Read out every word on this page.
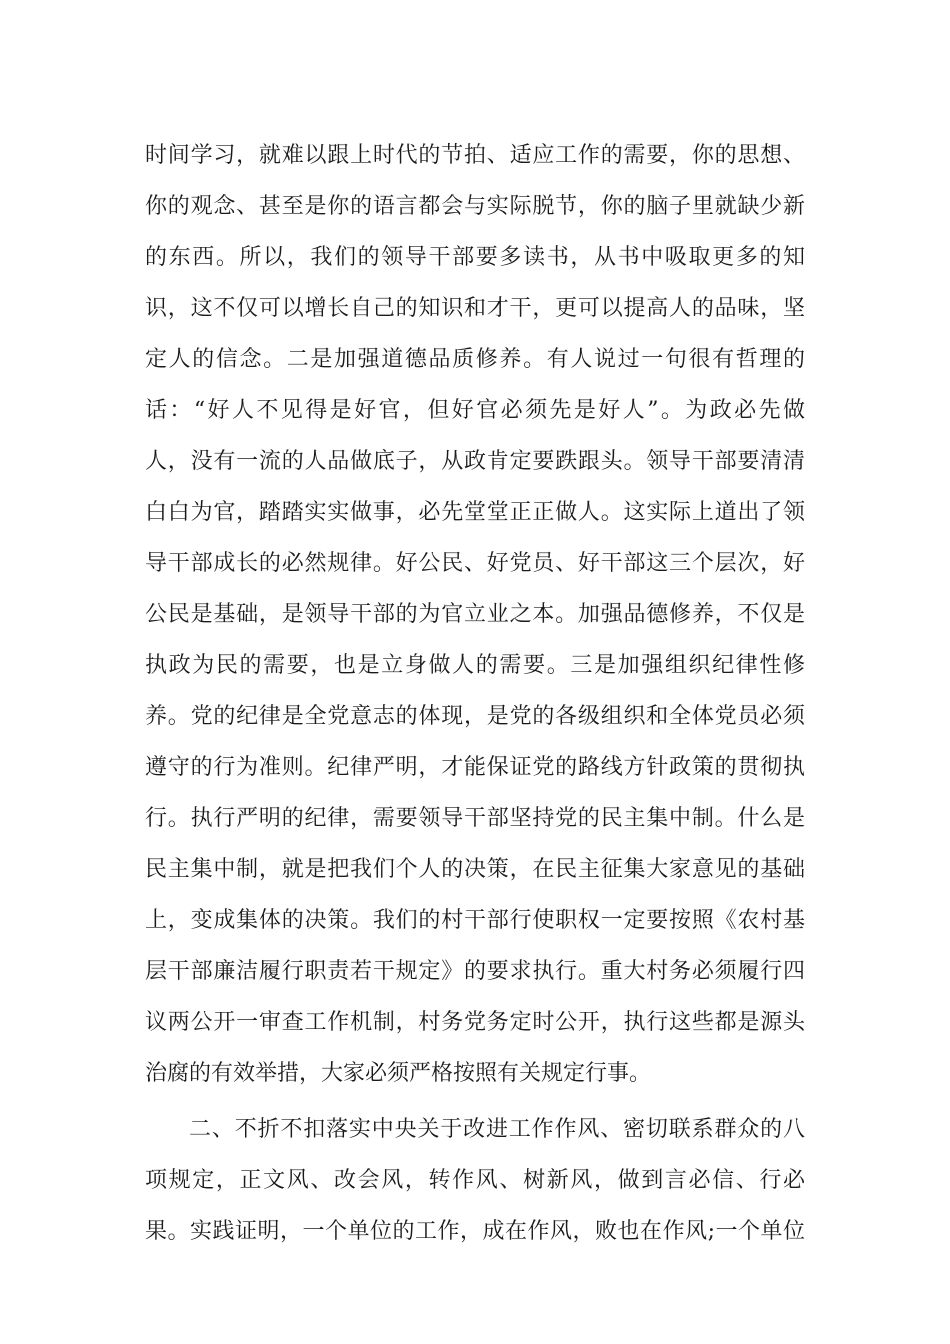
时间学习，就难以跟上时代的节拍、适应工作的需要，你的思想、
你的观念、甚至是你的语言都会与实际脱节，你的脑子里就缺少新
的东西。所以，我们的领导干部要多读书，从书中吸取更多的知
识，这不仅可以增长自己的知识和才干，更可以提高人的品味，坚
定人的信念。二是加强道德品质修养。有人说过一句很有哲理的
话：“好人不见得是好官，但好官必须先是好人”。为政必先做
人，没有一流的人品做底子，从政肯定要跌跟头。领导干部要清清
白白为官，踏踏实实做事，必先堂堂正正做人。这实际上道出了领
导干部成长的必然规律。好公民、好党员、好干部这三个层次，好
公民是基础，是领导干部的为官立业之本。加强品德修养，不仅是
执政为民的需要，也是立身做人的需要。三是加强组织纪律性修
养。党的纪律是全党意志的体现，是党的各级组织和全体党员必须
遵守的行为准则。纪律严明，才能保证党的路线方针政策的贯彻执
行。执行严明的纪律，需要领导干部坚持党的民主集中制。什么是
民主集中制，就是把我们个人的决策，在民主征集大家意见的基础
上，变成集体的决策。我们的村干部行使职权一定要按照《农村基
层干部廉洁履行职责若干规定》的要求执行。重大村务必须履行四
议两公开一审查工作机制，村务党务定时公开，执行这些都是源头
治腐的有效举措，大家必须严格按照有关规定行事。
二、不折不扣落实中央关于改进工作作风、密切联系群众的八
项规定，正文风、改会风，转作风、树新风，做到言必信、行必
果。实践证明，一个单位的工作，成在作风，败也在作风;一个单位
